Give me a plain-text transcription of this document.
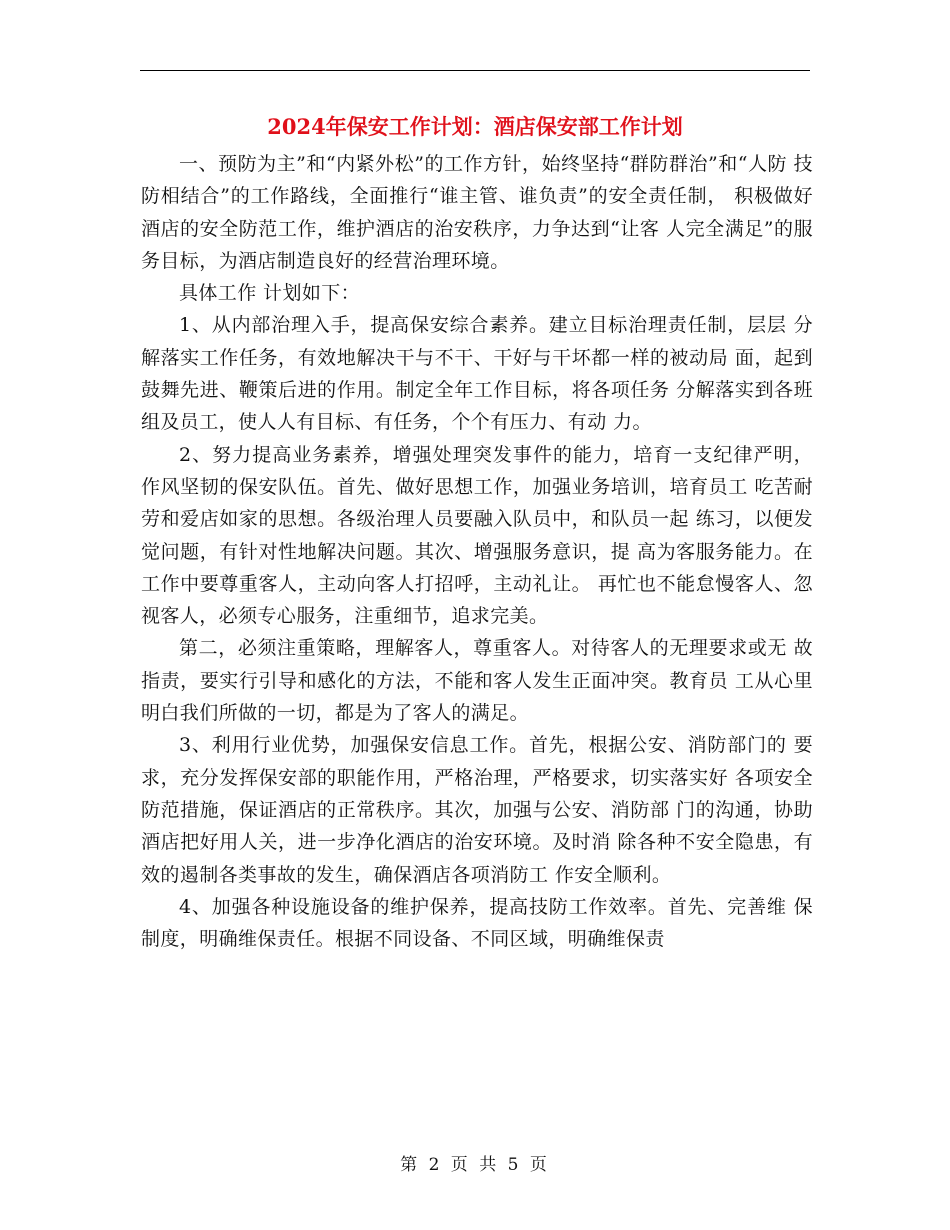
2024年保安工作计划：酒店保安部工作计划

一、预防为主”和“内紧外松”的工作方针，始终坚持“群防群治”和“人防 技防相结合”的工作路线，全面推行“谁主管、谁负责”的安全责任制， 积极做好酒店的安全防范工作，维护酒店的治安秩序，力争达到“让客 人完全满足”的服务目标，为酒店制造良好的经营治理环境。

具体工作 计划如下：

1、从内部治理入手，提高保安综合素养。建立目标治理责任制，层层 分解落实工作任务，有效地解决干与不干、干好与干坏都一样的被动局 面，起到鼓舞先进、鞭策后进的作用。制定全年工作目标，将各项任务 分解落实到各班组及员工，使人人有目标、有任务，个个有压力、有动 力。

2、努力提高业务素养，增强处理突发事件的能力，培育一支纪律严明， 作风坚韧的保安队伍。首先、做好思想工作，加强业务培训，培育员工 吃苦耐劳和爱店如家的思想。各级治理人员要融入队员中，和队员一起 练习，以便发觉问题，有针对性地解决问题。其次、增强服务意识，提 高为客服务能力。在工作中要尊重客人，主动向客人打招呼，主动礼让。 再忙也不能怠慢客人、忽视客人，必须专心服务，注重细节，追求完美。

第二，必须注重策略，理解客人，尊重客人。对待客人的无理要求或无 故指责，要实行引导和感化的方法，不能和客人发生正面冲突。教育员 工从心里明白我们所做的一切，都是为了客人的满足。

3、利用行业优势，加强保安信息工作。首先，根据公安、消防部门的 要求，充分发挥保安部的职能作用，严格治理，严格要求，切实落实好 各项安全防范措施，保证酒店的正常秩序。其次，加强与公安、消防部 门的沟通，协助酒店把好用人关，进一步净化酒店的治安环境。及时消 除各种不安全隐患，有效的遏制各类事故的发生，确保酒店各项消防工 作安全顺利。

4、加强各种设施设备的维护保养，提高技防工作效率。首先、完善维 保制度，明确维保责任。根据不同设备、不同区域，明确维保责

第 2 页 共 5 页
